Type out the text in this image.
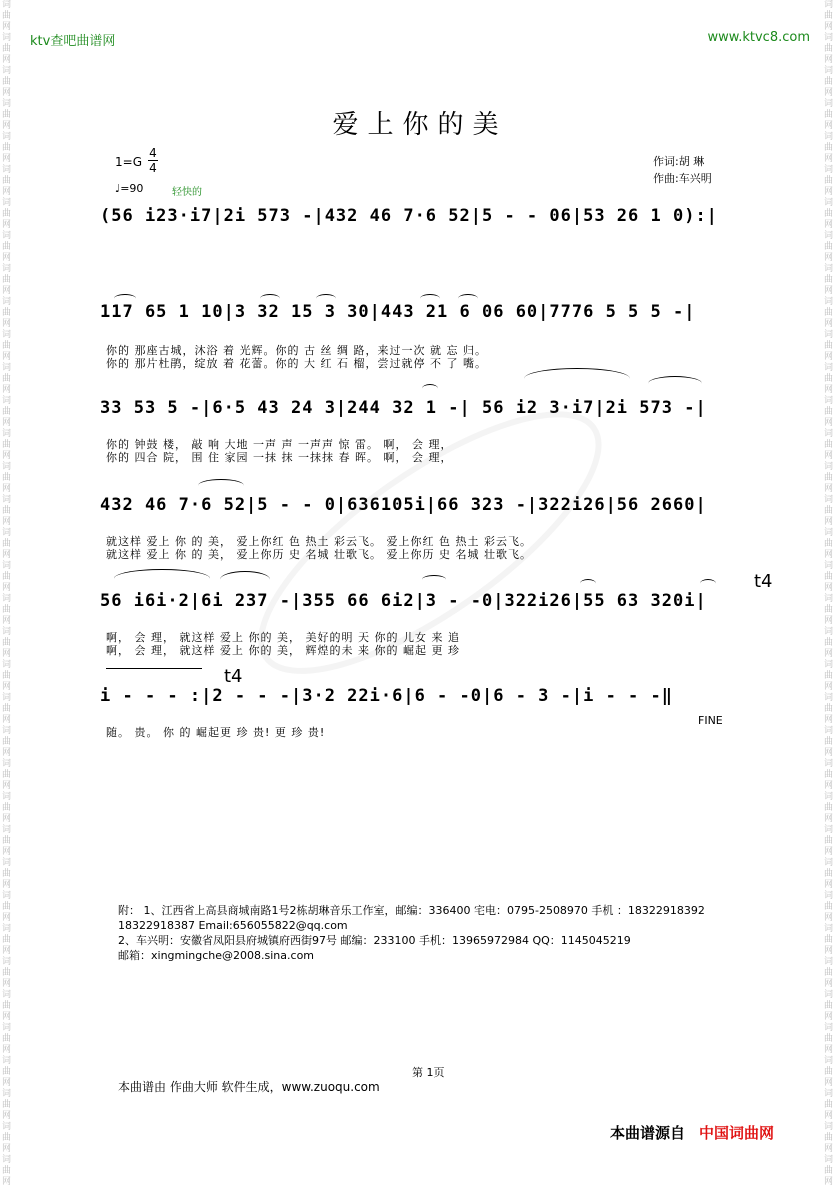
词曲网词曲网词曲网词曲网词曲网词曲网词曲网词曲网词曲网词曲网词曲网词曲网词曲网词曲网词曲网词曲网词曲网词曲网词曲网词曲网词曲网词曲网词曲网词曲网词曲网词曲网词曲网词曲网词曲网词曲网词曲网词曲网词曲网词曲网词曲网词曲网
词曲网词曲网词曲网词曲网词曲网词曲网词曲网词曲网词曲网词曲网词曲网词曲网词曲网词曲网词曲网词曲网词曲网词曲网词曲网词曲网词曲网词曲网词曲网词曲网词曲网词曲网词曲网词曲网词曲网词曲网词曲网词曲网词曲网词曲网词曲网词曲网
ktv查吧曲谱网	www.ktvc8.com
爱上你的美
1=G
4
4
♩=90	轻快的
作词:胡 琳
作曲:车兴明
(56 i23·i7|2i 573 -|432 46 7·6 52|5 - - 06|53 26 1 0):|
117 65 1 10|3 32 15 3 30|443 21 6 06 60|7776 5 5 5 -|
你的 那座古城，沐浴 着 光辉。你的 古 丝 绸 路，来过一次 就 忘 归。
你的 那片杜鹃，绽放 着 花蕾。你的 大 红 石 榴，尝过就停 不 了 嘴。
33 53 5 -|6·5 43 24 3|244 32 1 -| 56 i2 3·i7|2i 573 -|
你的 钟鼓 楼， 敲 响 大地 一声 声 一声声 惊 雷。 啊， 会 理，
你的 四合 院， 围 住 家园 一抹 抹 一抹抹 春 晖。 啊， 会 理，
432 46 7·6 52|5 - - 0|636105i|66 323 -|322i26|56 2660|
就这样 爱上 你 的 美， 爱上你红 色 热土 彩云飞。 爱上你红 色 热土 彩云飞。
就这样 爱上 你 的 美， 爱上你历 史 名城 壮歌飞。 爱上你历 史 名城 壮歌飞。
t4
56 i6i·2|6i 237 -|355 66 6i2|3 - -0|322i26|55 63 320i|
啊， 会 理， 就这样 爱上 你的 美， 美好的明 天 你的 儿女 来 追
啊， 会 理， 就这样 爱上 你的 美， 辉煌的未 来 你的 崛起 更 珍
t4
i - - - :|2 - - -|3·2 22i·6|6 - -0|6 - 3 -|i - - -‖
随。 贵。 你 的 崛起更 珍 贵! 更 珍 贵!
FINE
附： 1、江西省上高县商城南路1号2栋胡琳音乐工作室，邮编：336400 宅电：0795-2508970 手机 ：18322918392
18322918387 Email:656055822@qq.com
2、车兴明：安徽省凤阳县府城镇府西街97号 邮编：233100 手机：13965972984 QQ：1145045219
邮箱：xingmingche@2008.sina.com
第 1页
本曲谱由 作曲大师 软件生成，www.zuoqu.com
本曲谱源自 中国词曲网
